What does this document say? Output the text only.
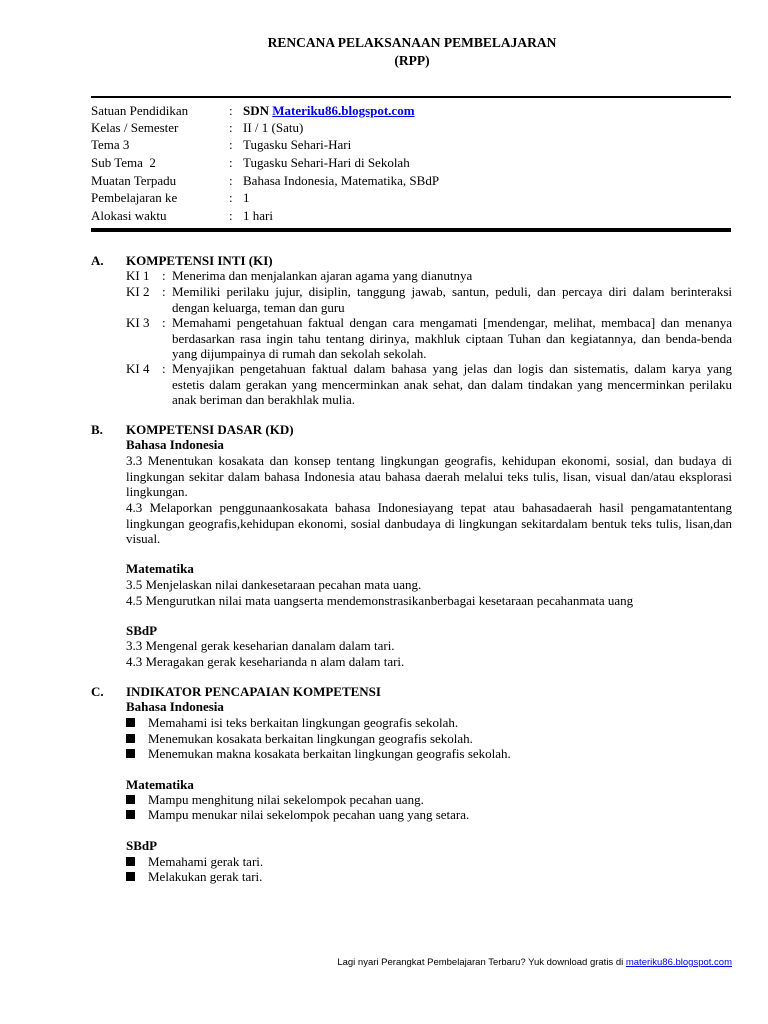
RENCANA PELAKSANAAN PEMBELAJARAN
(RPP)
Satuan Pendidikan	: SDN Materiku86.blogspot.com
Kelas / Semester	: II / 1 (Satu)
Tema 3	: Tugasku Sehari-Hari
Sub Tema  2	: Tugasku Sehari-Hari di Sekolah
Muatan Terpadu	: Bahasa Indonesia, Matematika, SBdP
Pembelajaran ke	: 1
Alokasi waktu	: 1 hari
A. KOMPETENSI INTI (KI)
KI 1 : Menerima dan menjalankan ajaran agama yang dianutnya
KI 2 : Memiliki perilaku jujur, disiplin, tanggung jawab, santun, peduli, dan percaya diri dalam berinteraksi dengan keluarga, teman dan guru
KI 3 : Memahami pengetahuan faktual dengan cara mengamati [mendengar, melihat, membaca] dan menanya berdasarkan rasa ingin tahu tentang dirinya, makhluk ciptaan Tuhan dan kegiatannya, dan benda-benda yang dijumpainya di rumah dan sekolah sekolah.
KI 4 : Menyajikan pengetahuan faktual dalam bahasa yang jelas dan logis dan sistematis, dalam karya yang estetis dalam gerakan yang mencerminkan anak sehat, dan dalam tindakan yang mencerminkan perilaku anak beriman dan berakhlak mulia.
B. KOMPETENSI DASAR (KD)
Bahasa Indonesia
3.3 Menentukan kosakata dan konsep tentang lingkungan geografis, kehidupan ekonomi, sosial, dan budaya di lingkungan sekitar dalam bahasa Indonesia atau bahasa daerah melalui teks tulis, lisan, visual dan/atau eksplorasi lingkungan.
4.3 Melaporkan penggunaankosakata bahasa Indonesiayang tepat atau bahasadaerah hasil pengamatantentang lingkungan geografis,kehidupan ekonomi, sosial danbudaya di lingkungan sekitardalam bentuk teks tulis, lisan,dan visual.
Matematika
3.5 Menjelaskan nilai dankesetaraan pecahan mata uang.
4.5 Mengurutkan nilai mata uangserta mendemonstrasikanberbagai kesetaraan pecahanmata uang
SBdP
3.3 Mengenal gerak keseharian danalam dalam tari.
4.3 Meragakan gerak keseharianda n alam dalam tari.
C. INDIKATOR PENCAPAIAN KOMPETENSI
Bahasa Indonesia
Memahami isi teks berkaitan lingkungan geografis sekolah.
Menemukan kosakata berkaitan lingkungan geografis sekolah.
Menemukan makna kosakata berkaitan lingkungan geografis sekolah.
Matematika
Mampu menghitung nilai sekelompok pecahan uang.
Mampu menukar nilai sekelompok pecahan uang yang setara.
SBdP
Memahami gerak tari.
Melakukan gerak tari.
Lagi nyari Perangkat Pembelajaran Terbaru? Yuk download gratis di materiku86.blogspot.com
